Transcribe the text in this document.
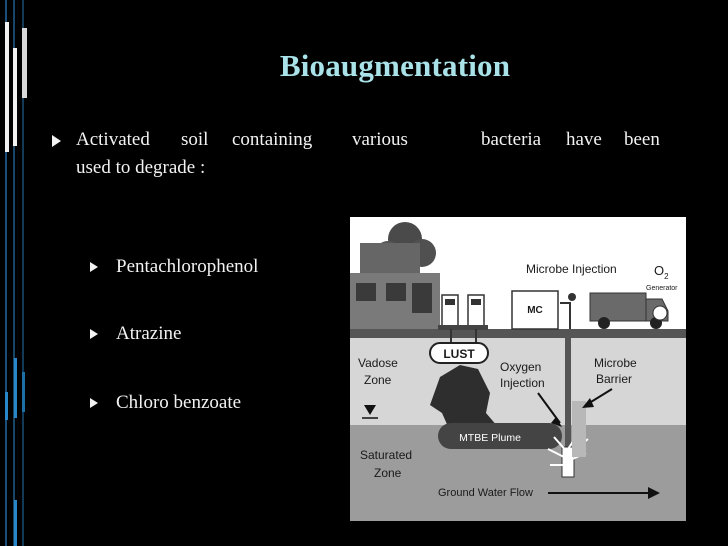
Bioaugmentation
Activated soil containing various	bacteria have been
used to degrade :
Pentachlorophenol
Atrazine
Chloro benzoate
MC
Microbe Injection	$O_2$
Generator
LUST
MTBE Plume
Vadose
Zone
Oxygen
Injection
Microbe
Barrier
Saturated
Zone
Ground Water Flow
